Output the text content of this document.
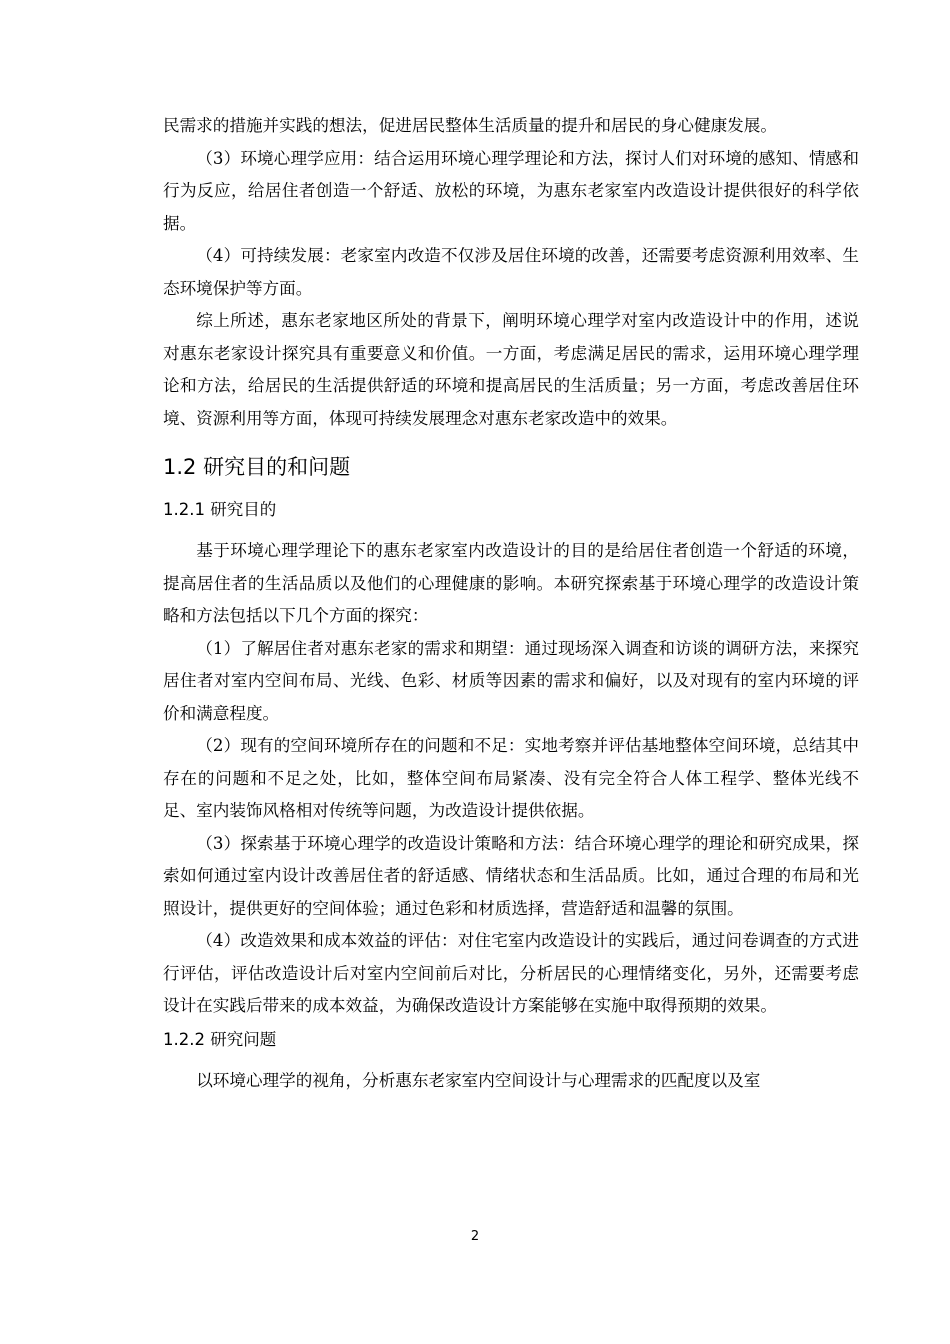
民需求的措施并实践的想法，促进居民整体生活质量的提升和居民的身心健康发展。

（3）环境心理学应用：结合运用环境心理学理论和方法，探讨人们对环境的感知、情感和行为反应，给居住者创造一个舒适、放松的环境，为惠东老家室内改造设计提供很好的科学依据。

（4）可持续发展：老家室内改造不仅涉及居住环境的改善，还需要考虑资源利用效率、生态环境保护等方面。

综上所述，惠东老家地区所处的背景下，阐明环境心理学对室内改造设计中的作用，述说对惠东老家设计探究具有重要意义和价值。一方面，考虑满足居民的需求，运用环境心理学理论和方法，给居民的生活提供舒适的环境和提高居民的生活质量；另一方面，考虑改善居住环境、资源利用等方面，体现可持续发展理念对惠东老家改造中的效果。

1.2 研究目的和问题
1.2.1 研究目的

基于环境心理学理论下的惠东老家室内改造设计的目的是给居住者创造一个舒适的环境，提高居住者的生活品质以及他们的心理健康的影响。本研究探索基于环境心理学的改造设计策略和方法包括以下几个方面的探究：

（1）了解居住者对惠东老家的需求和期望：通过现场深入调查和访谈的调研方法，来探究居住者对室内空间布局、光线、色彩、材质等因素的需求和偏好，以及对现有的室内环境的评价和满意程度。

（2）现有的空间环境所存在的问题和不足：实地考察并评估基地整体空间环境，总结其中存在的问题和不足之处，比如，整体空间布局紧凑、没有完全符合人体工程学、整体光线不足、室内装饰风格相对传统等问题，为改造设计提供依据。

（3）探索基于环境心理学的改造设计策略和方法：结合环境心理学的理论和研究成果，探索如何通过室内设计改善居住者的舒适感、情绪状态和生活品质。比如，通过合理的布局和光照设计，提供更好的空间体验；通过色彩和材质选择，营造舒适和温馨的氛围。

（4）改造效果和成本效益的评估：对住宅室内改造设计的实践后，通过问卷调查的方式进行评估，评估改造设计后对室内空间前后对比，分析居民的心理情绪变化，另外，还需要考虑设计在实践后带来的成本效益，为确保改造设计方案能够在实施中取得预期的效果。

1.2.2 研究问题

以环境心理学的视角，分析惠东老家室内空间设计与心理需求的匹配度以及室

2
